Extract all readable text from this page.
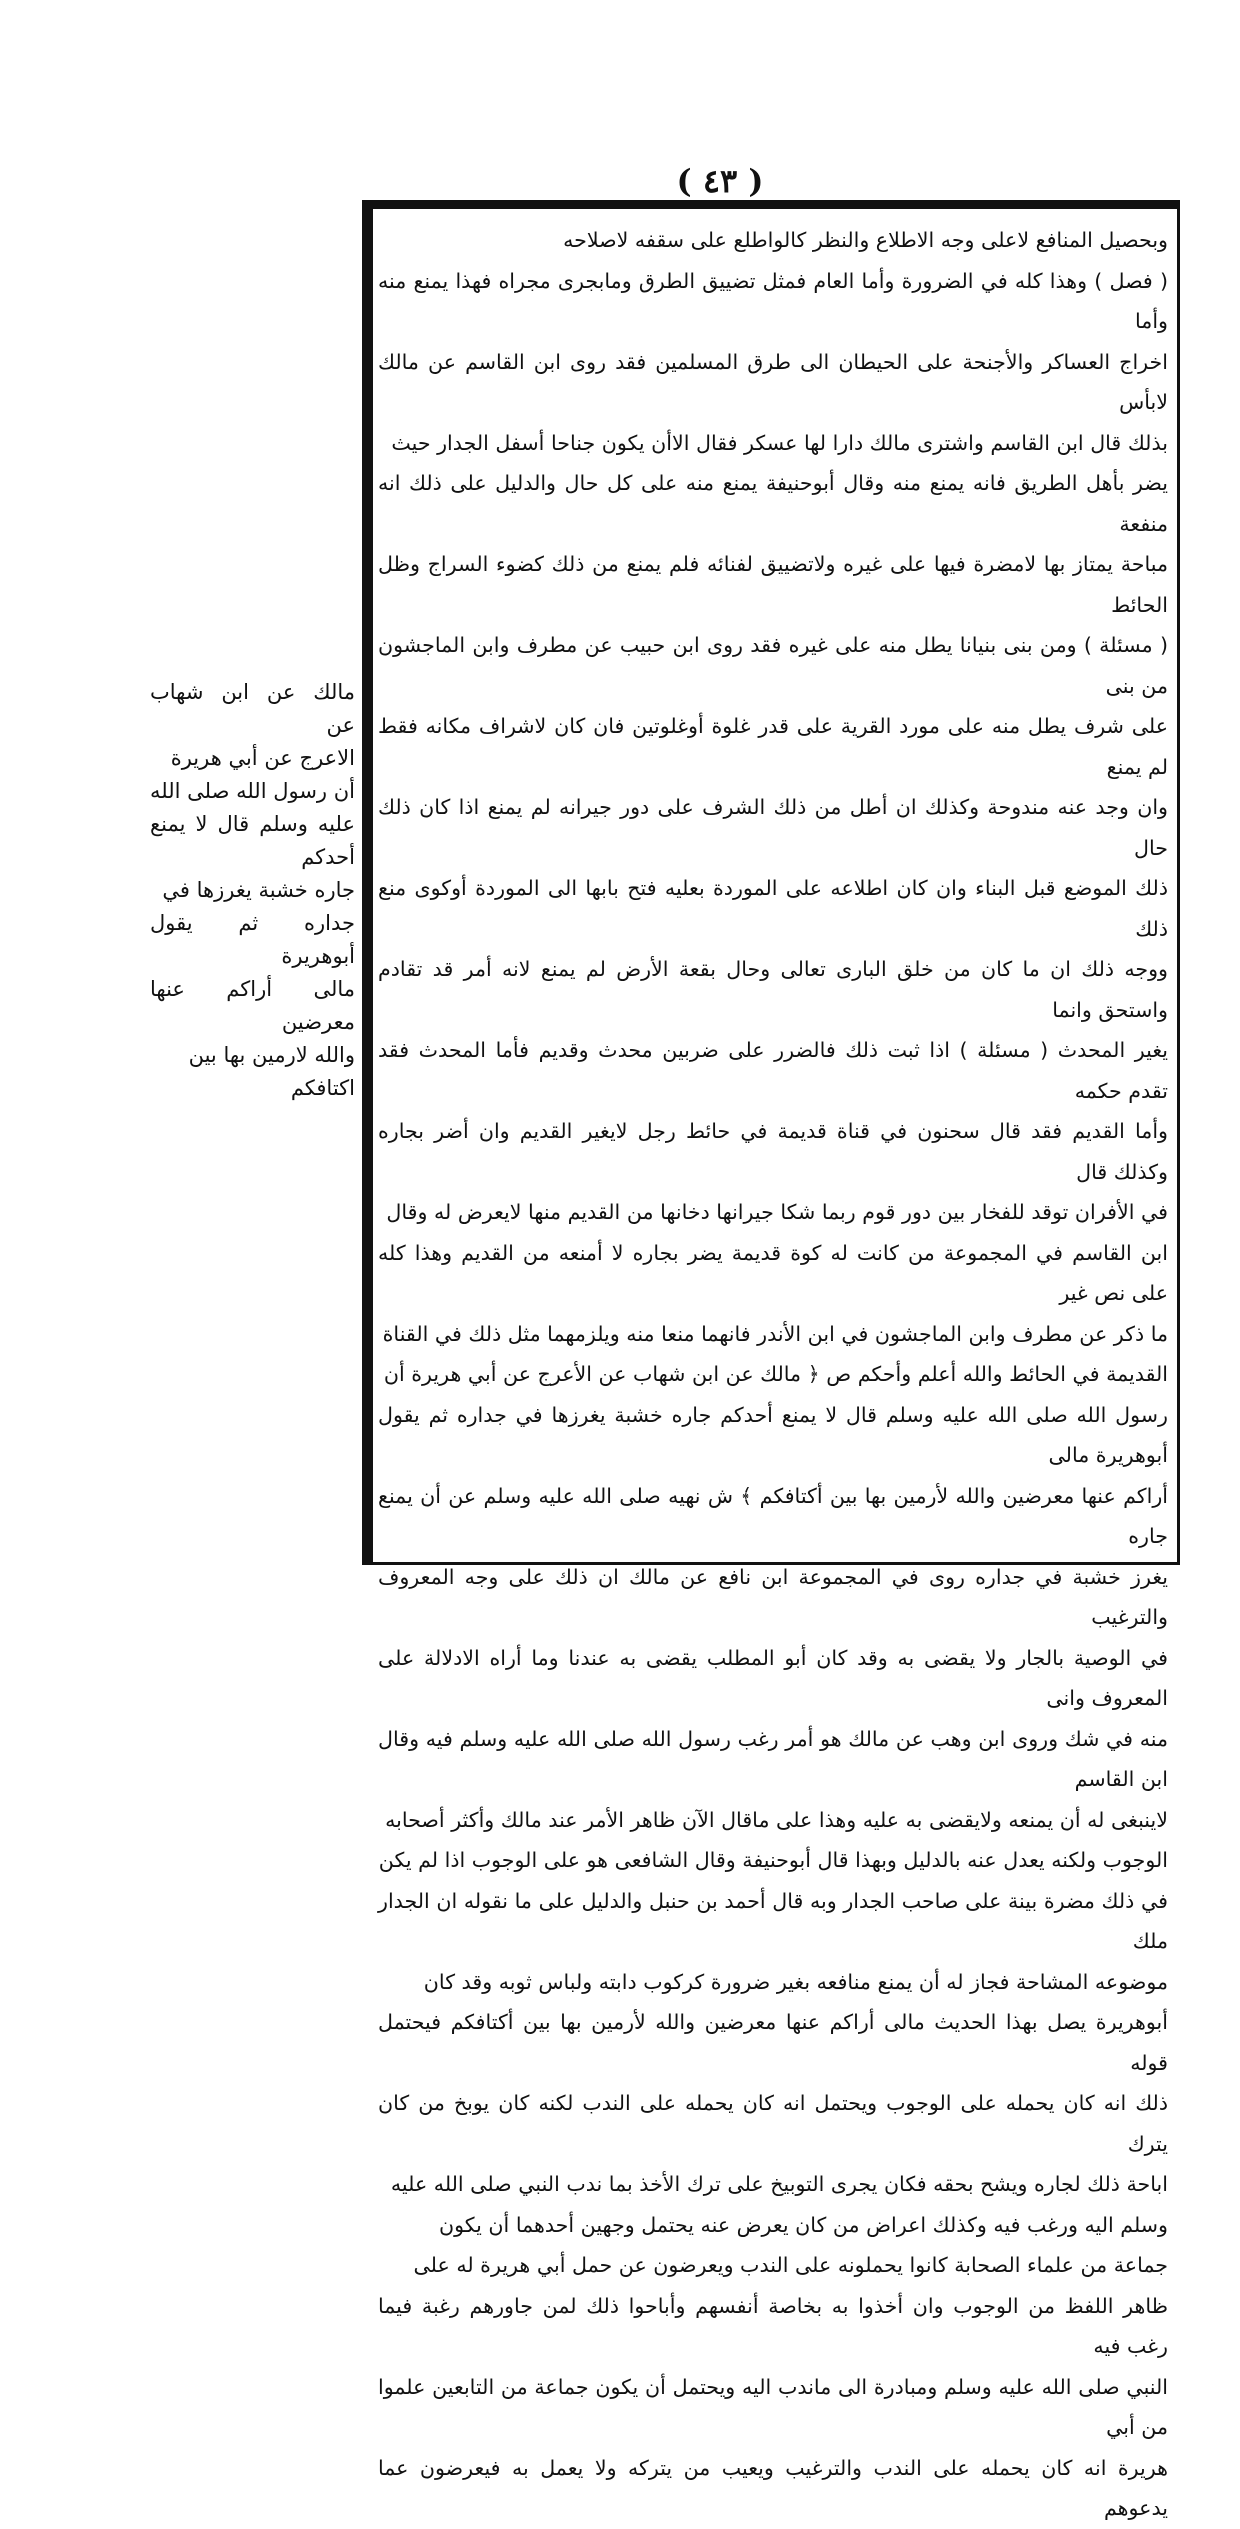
( ٤٣ )

وبحصيل المنافع لاعلى وجه الاطلاع والنظر كالواطلع على سقفه لاصلاحه

( فصل ) وهذا كله في الضرورة وأما العام فمثل تضييق الطرق ومابجرى مجراه فهذا يمنع منه وأما

اخراج العساكر والأجنحة على الحيطان الى طرق المسلمين فقد روى ابن القاسم عن مالك لابأس

بذلك قال ابن القاسم واشترى مالك دارا لها عسكر فقال الاأن يكون جناحا أسفل الجدار حيث

يضر بأهل الطريق فانه يمنع منه وقال أبوحنيفة يمنع منه على كل حال والدليل على ذلك انه منفعة

مباحة يمتاز بها لامضرة فيها على غيره ولاتضييق لفنائه فلم يمنع من ذلك كضوء السراج وظل الحائط

( مسئلة ) ومن بنى بنيانا يطل منه على غيره فقد روى ابن حبيب عن مطرف وابن الماجشون من بنى

على شرف يطل منه على مورد القرية على قدر غلوة أوغلوتين فان كان لاشراف مكانه فقط لم يمنع

وان وجد عنه مندوحة وكذلك ان أطل من ذلك الشرف على دور جيرانه لم يمنع اذا كان ذلك حال

ذلك الموضع قبل البناء وان كان اطلاعه على الموردة بعليه فتح بابها الى الموردة أوكوى منع ذلك

ووجه ذلك ان ما كان من خلق البارى تعالى وحال بقعة الأرض لم يمنع لانه أمر قد تقادم واستحق وانما

يغير المحدث ( مسئلة ) اذا ثبت ذلك فالضرر على ضربين محدث وقديم فأما المحدث فقد تقدم حكمه

وأما القديم فقد قال سحنون في قناة قديمة في حائط رجل لايغير القديم وان أضر بجاره وكذلك قال

في الأفران توقد للفخار بين دور قوم ربما شكا جيرانها دخانها من القديم منها لايعرض له وقال

ابن القاسم في المجموعة من كانت له كوة قديمة يضر بجاره لا أمنعه من القديم وهذا كله على نص غير

ما ذكر عن مطرف وابن الماجشون في ابن الأندر فانهما منعا منه ويلزمهما مثل ذلك في القناة

القديمة في الحائط والله أعلم وأحكم ص ﴿ مالك عن ابن شهاب عن الأعرج عن أبي هريرة أن

رسول الله صلى الله عليه وسلم قال لا يمنع أحدكم جاره خشبة يغرزها في جداره ثم يقول أبوهريرة مالى

أراكم عنها معرضين والله لأرمين بها بين أكتافكم ﴾ ش نهيه صلى الله عليه وسلم عن أن يمنع جاره

يغرز خشبة في جداره روى في المجموعة ابن نافع عن مالك ان ذلك على وجه المعروف والترغيب

في الوصية بالجار ولا يقضى به وقد كان أبو المطلب يقضى به عندنا وما أراه الادلالة على المعروف وانى

منه في شك وروى ابن وهب عن مالك هو أمر رغب رسول الله صلى الله عليه وسلم فيه وقال ابن القاسم

لاينبغى له أن يمنعه ولايقضى به عليه وهذا على ماقال الآن ظاهر الأمر عند مالك وأكثر أصحابه

الوجوب ولكنه يعدل عنه بالدليل وبهذا قال أبوحنيفة وقال الشافعى هو على الوجوب اذا لم يكن

في ذلك مضرة بينة على صاحب الجدار وبه قال أحمد بن حنبل والدليل على ما نقوله ان الجدار ملك

موضوعه المشاحة فجاز له أن يمنع منافعه بغير ضرورة كركوب دابته ولباس ثوبه وقد كان

أبوهريرة يصل بهذا الحديث مالى أراكم عنها معرضين والله لأرمين بها بين أكتافكم فيحتمل قوله

ذلك انه كان يحمله على الوجوب ويحتمل انه كان يحمله على الندب لكنه كان يوبخ من كان يترك

اباحة ذلك لجاره ويشح بحقه فكان يجرى التوبيخ على ترك الأخذ بما ندب النبي صلى الله عليه

وسلم اليه ورغب فيه وكذلك اعراض من كان يعرض عنه يحتمل وجهين أحدهما أن يكون

جماعة من علماء الصحابة كانوا يحملونه على الندب ويعرضون عن حمل أبي هريرة له على

ظاهر اللفظ من الوجوب وان أخذوا به بخاصة أنفسهم وأباحوا ذلك لمن جاورهم رغبة فيما رغب فيه

النبي صلى الله عليه وسلم ومبادرة الى ماندب اليه ويحتمل أن يكون جماعة من التابعين علموا من أبي

هريرة انه كان يحمله على الندب والترغيب ويعيب من يتركه ولا يعمل به فيعرضون عما يدعوهم

مالك عن ابن شهاب عن

الاعرج عن أبي هريرة

أن رسول الله صلى الله

عليه وسلم قال لا يمنع أحدكم

جاره خشبة يغرزها في

جداره ثم يقول أبوهريرة

مالى أراكم عنها معرضين

والله لارمين بها بين

اكتافكم
